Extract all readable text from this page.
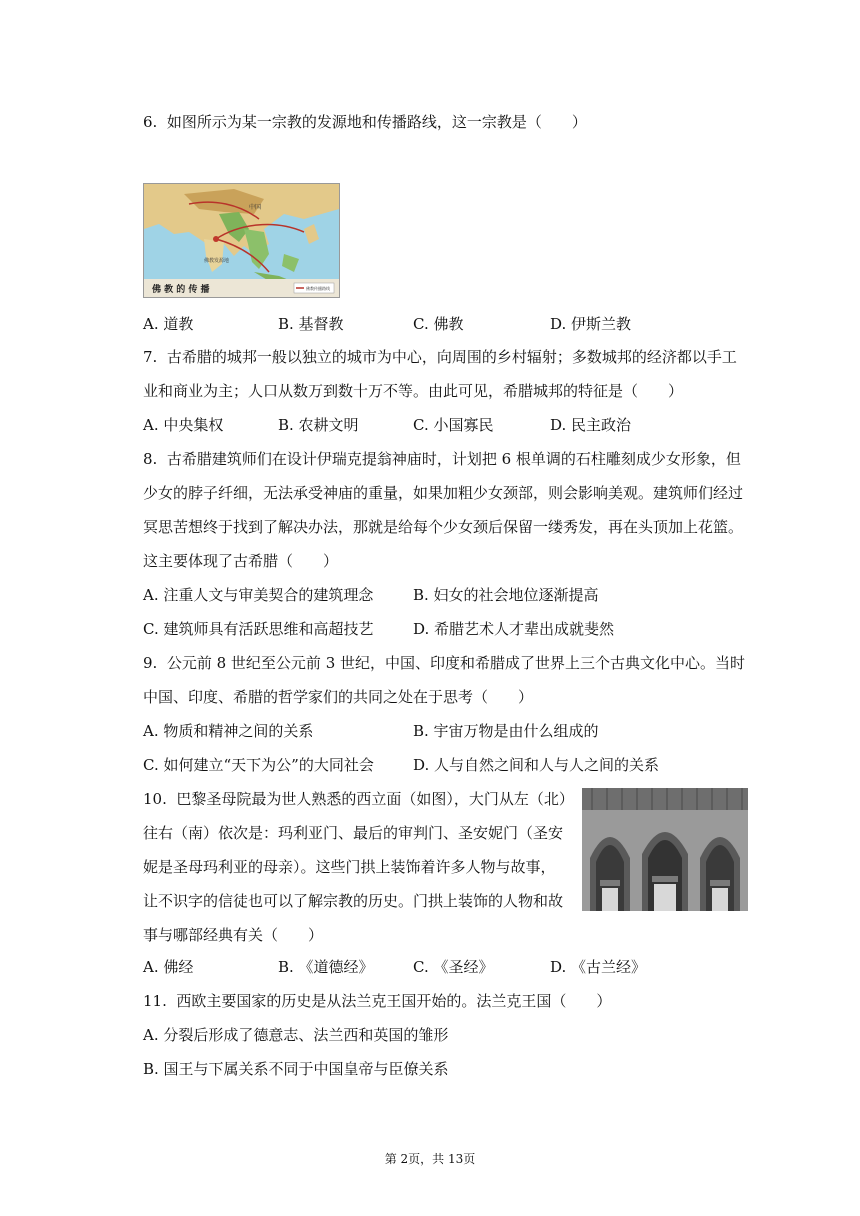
6.  如图所示为某一宗教的发源地和传播路线，这一宗教是（　　）
佛教发源地
中国
佛 教 的 传 播	佛教传播路线
A. 道教	B. 基督教	C. 佛教	D. 伊斯兰教
7.  古希腊的城邦一般以独立的城市为中心，向周围的乡村辐射；多数城邦的经济都以手工
业和商业为主；人口从数万到数十万不等。由此可见，希腊城邦的特征是（　　）
A. 中央集权	B. 农耕文明	C. 小国寡民	D. 民主政治
8.  古希腊建筑师们在设计伊瑞克提翁神庙时，计划把 6 根单调的石柱雕刻成少女形象，但
少女的脖子纤细，无法承受神庙的重量，如果加粗少女颈部，则会影响美观。建筑师们经过
冥思苦想终于找到了解决办法，那就是给每个少女颈后保留一缕秀发，再在头顶加上花篮。
这主要体现了古希腊（　　）
A. 注重人文与审美契合的建筑理念	B. 妇女的社会地位逐渐提高
C. 建筑师具有活跃思维和高超技艺	D. 希腊艺术人才辈出成就斐然
9.  公元前 8 世纪至公元前 3 世纪，中国、印度和希腊成了世界上三个古典文化中心。当时
中国、印度、希腊的哲学家们的共同之处在于思考（　　）
A. 物质和精神之间的关系	B. 宇宙万物是由什么组成的
C. 如何建立“天下为公”的大同社会	D. 人与自然之间和人与人之间的关系
10.  巴黎圣母院最为世人熟悉的西立面（如图），大门从左（北）
往右（南）依次是：玛利亚门、最后的审判门、圣安妮门（圣安
妮是圣母玛利亚的母亲）。这些门拱上装饰着许多人物与故事，
让不识字的信徒也可以了解宗教的历史。门拱上装饰的人物和故
事与哪部经典有关（　　）
A. 佛经	B. 《道德经》	C. 《圣经》	D. 《古兰经》
11.  西欧主要国家的历史是从法兰克王国开始的。法兰克王国（　　）
A. 分裂后形成了德意志、法兰西和英国的雏形
B. 国王与下属关系不同于中国皇帝与臣僚关系
第 2页，共 13页
